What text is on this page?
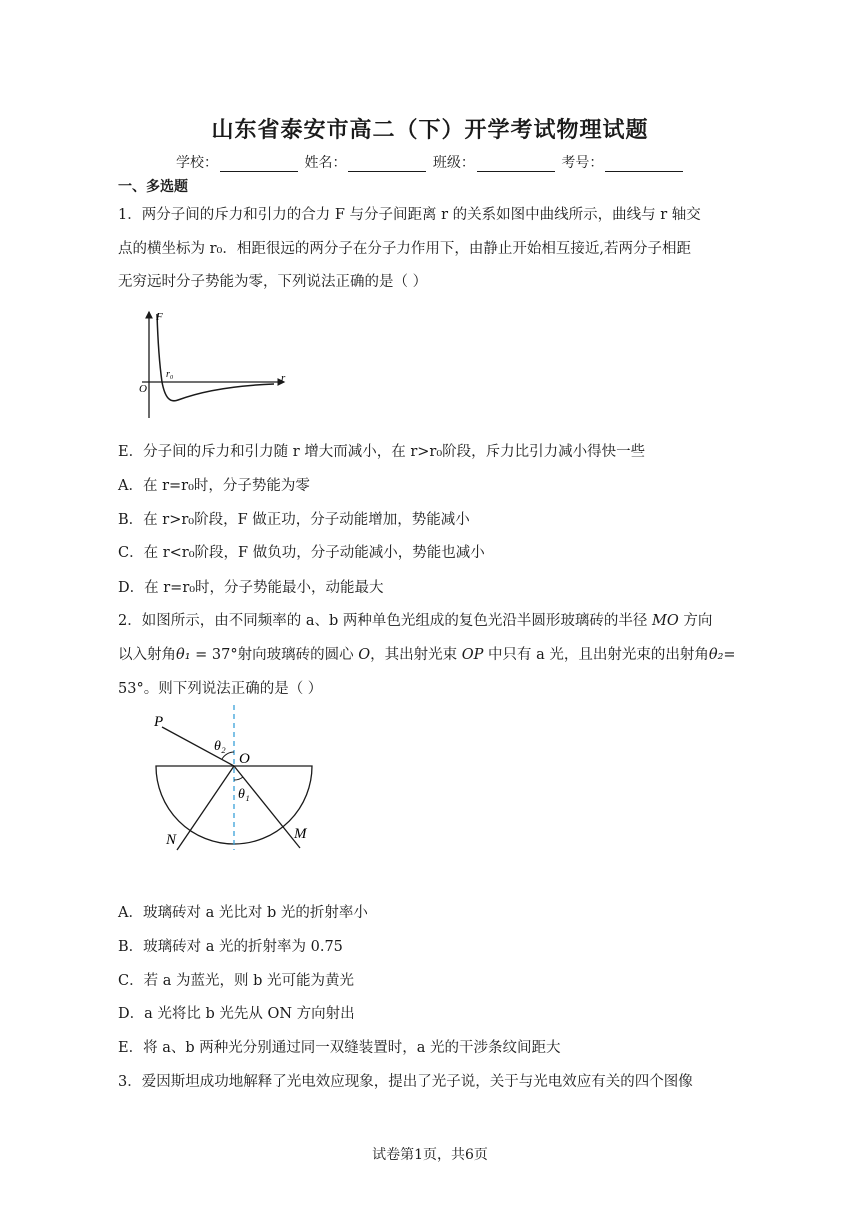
山东省泰安市高二（下）开学考试物理试题
学校：	姓名：	班级：	考号：
一、多选题
1．两分子间的斥力和引力的合力 F 与分子间距离 r 的关系如图中曲线所示，曲线与 r 轴交
点的横坐标为 r₀．相距很远的两分子在分子力作用下，由静止开始相互接近,若两分子相距
无穷远时分子势能为零，下列说法正确的是（ ）
F
O
r₀	r
E．分子间的斥力和引力随 r 增大而减小，在 r>r₀阶段，斥力比引力减小得快一些
A．在 r=r₀时，分子势能为零
B．在 r>r₀阶段，F 做正功，分子动能增加，势能减小
C．在 r<r₀阶段，F 做负功，分子动能减小，势能也减小
D．在 r=r₀时，分子势能最小，动能最大
2．如图所示，由不同频率的 a、b 两种单色光组成的复色光沿半圆形玻璃砖的半径 MO 方向
以入射角θ₁ = 37°射向玻璃砖的圆心 O，其出射光束 OP 中只有 a 光，且出射光束的出射角θ₂=
53°。则下列说法正确的是（ ）
P
θ₂
O
θ₁
N	M
A．玻璃砖对 a 光比对 b 光的折射率小
B．玻璃砖对 a 光的折射率为 0.75
C．若 a 为蓝光，则 b 光可能为黄光
D．a 光将比 b 光先从 ON 方向射出
E．将 a、b 两种光分别通过同一双缝装置时，a 光的干涉条纹间距大
3．爱因斯坦成功地解释了光电效应现象，提出了光子说，关于与光电效应有关的四个图像
试卷第1页，共6页
